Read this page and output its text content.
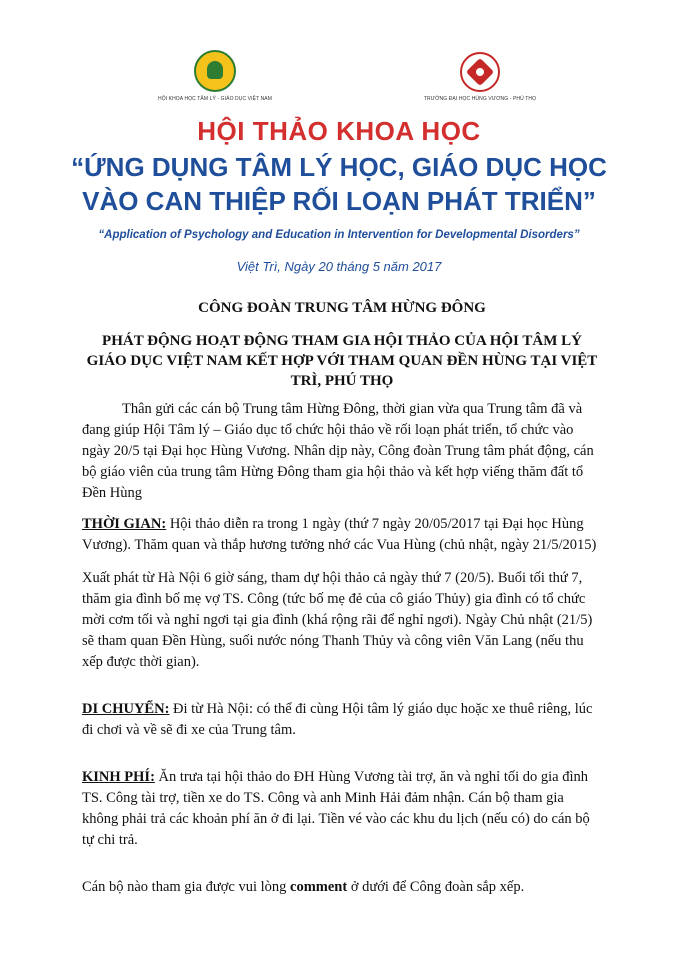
HỘI KHOA HỌC TÂM LÝ - GIÁO DỤC VIỆT NAM	TRƯỜNG ĐẠI HỌC HÙNG VƯƠNG - PHÚ THỌ
HỘI THẢO KHOA HỌC
“ỨNG DỤNG TÂM LÝ HỌC, GIÁO DỤC HỌC
VÀO CAN THIỆP RỐI LOẠN PHÁT TRIỂN”
“Application of Psychology and Education in Intervention for Developmental Disorders”
Việt Trì, Ngày 20 tháng 5 năm 2017
CÔNG ĐOÀN TRUNG TÂM HỪNG ĐÔNG
PHÁT ĐỘNG HOẠT ĐỘNG THAM GIA HỘI THẢO CỦA HỘI TÂM LÝ GIÁO DỤC VIỆT NAM KẾT HỢP VỚI THAM QUAN ĐỀN HÙNG TẠI VIỆT TRÌ, PHÚ THỌ

Thân gửi các cán bộ Trung tâm Hừng Đông, thời gian vừa qua Trung tâm đã và đang giúp Hội Tâm lý – Giáo dục tổ chức hội thảo về rối loạn phát triển, tổ chức vào ngày 20/5 tại Đại học Hùng Vương. Nhân dịp này, Công đoàn Trung tâm phát động, cán bộ giáo viên của trung tâm Hừng Đông tham gia hội thảo và kết hợp viếng thăm đất tổ Đền Hùng

THỜI GIAN: Hội thảo diễn ra trong 1 ngày (thứ 7 ngày 20/05/2017 tại Đại học Hùng Vương). Thăm quan và thắp hương tưởng nhớ các Vua Hùng (chủ nhật, ngày 21/5/2015)

Xuất phát từ Hà Nội 6 giờ sáng, tham dự hội thảo cả ngày thứ 7 (20/5). Buổi tối thứ 7, thăm gia đình bố mẹ vợ TS. Công (tức bố mẹ đẻ của cô giáo Thủy) gia đình có tổ chức mời cơm tối và nghỉ ngơi tại gia đình (khá rộng rãi để nghỉ ngơi). Ngày Chủ nhật (21/5) sẽ tham quan Đền Hùng, suối nước nóng Thanh Thủy và công viên Văn Lang (nếu thu xếp được thời gian).

DI CHUYỂN: Đi từ Hà Nội: có thể đi cùng Hội tâm lý giáo dục hoặc xe thuê riêng, lúc đi chơi và về sẽ đi xe của Trung tâm.

KINH PHÍ: Ăn trưa tại hội thảo do ĐH Hùng Vương tài trợ, ăn và nghỉ tối do gia đình TS. Công tài trợ, tiền xe do TS. Công và anh Minh Hải đảm nhận. Cán bộ tham gia không phải trả các khoản phí ăn ở đi lại. Tiền vé vào các khu du lịch (nếu có) do cán bộ tự chi trả.

Cán bộ nào tham gia được vui lòng comment ở dưới để Công đoàn sắp xếp.
